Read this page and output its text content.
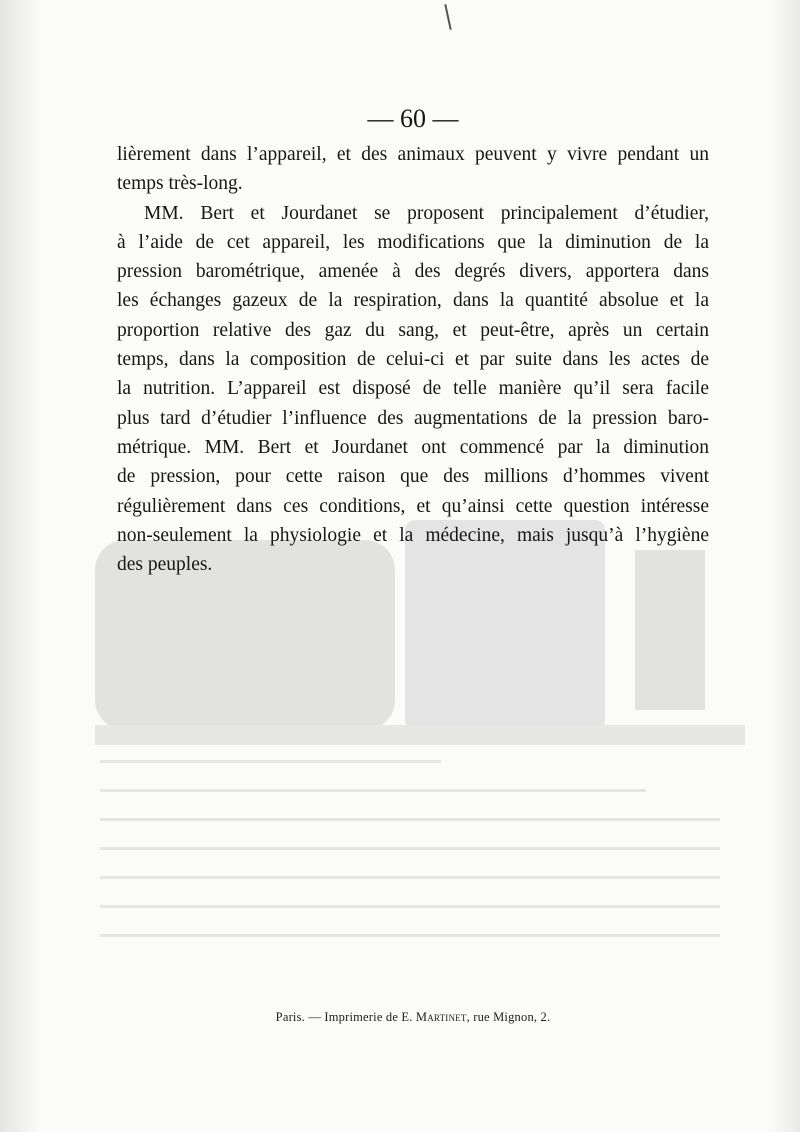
— 60 —

lièrement dans l’appareil, et des animaux peuvent y vivre pendant un
temps très-long.

MM. Bert et Jourdanet se proposent principalement d’étudier,
à l’aide de cet appareil, les modifications que la diminution de la
pression barométrique, amenée à des degrés divers, apportera dans
les échanges gazeux de la respiration, dans la quantité absolue et la
proportion relative des gaz du sang, et peut-être, après un certain
temps, dans la composition de celui-ci et par suite dans les actes de
la nutrition. L’appareil est disposé de telle manière qu’il sera facile
plus tard d’étudier l’influence des augmentations de la pression baro-
métrique. MM. Bert et Jourdanet ont commencé par la diminution
de pression, pour cette raison que des millions d’hommes vivent
régulièrement dans ces conditions, et qu’ainsi cette question intéresse
non-seulement la physiologie et la médecine, mais jusqu’à l’hygiène
des peuples.

Paris. — Imprimerie de E. Martinet, rue Mignon, 2.
